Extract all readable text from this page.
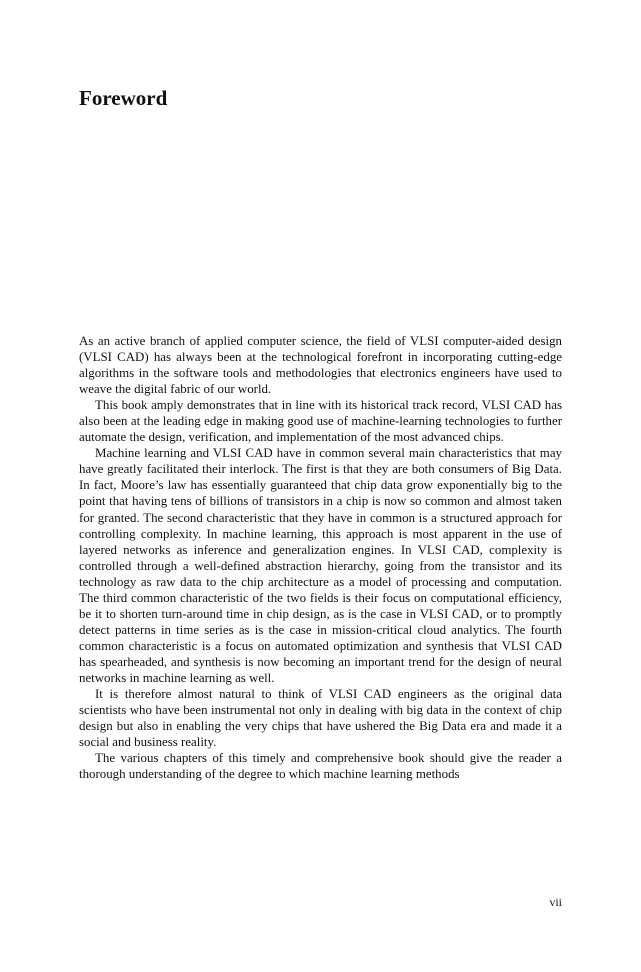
Foreword

As an active branch of applied computer science, the field of VLSI computer-aided design (VLSI CAD) has always been at the technological forefront in incorporating cutting-edge algorithms in the software tools and methodologies that electronics engineers have used to weave the digital fabric of our world.

This book amply demonstrates that in line with its historical track record, VLSI CAD has also been at the leading edge in making good use of machine-learning technologies to further automate the design, verification, and implementation of the most advanced chips.

Machine learning and VLSI CAD have in common several main characteristics that may have greatly facilitated their interlock. The first is that they are both consumers of Big Data. In fact, Moore’s law has essentially guaranteed that chip data grow exponentially big to the point that having tens of billions of transistors in a chip is now so common and almost taken for granted. The second characteristic that they have in common is a structured approach for controlling complexity. In machine learning, this approach is most apparent in the use of layered networks as inference and generalization engines. In VLSI CAD, complexity is controlled through a well-defined abstraction hierarchy, going from the transistor and its technology as raw data to the chip architecture as a model of processing and computation. The third common characteristic of the two fields is their focus on computational efficiency, be it to shorten turn-around time in chip design, as is the case in VLSI CAD, or to promptly detect patterns in time series as is the case in mission-critical cloud analytics. The fourth common characteristic is a focus on automated optimization and synthesis that VLSI CAD has spearheaded, and synthesis is now becoming an important trend for the design of neural networks in machine learning as well.

It is therefore almost natural to think of VLSI CAD engineers as the original data scientists who have been instrumental not only in dealing with big data in the context of chip design but also in enabling the very chips that have ushered the Big Data era and made it a social and business reality.

The various chapters of this timely and comprehensive book should give the reader a thorough understanding of the degree to which machine learning methods

vii
